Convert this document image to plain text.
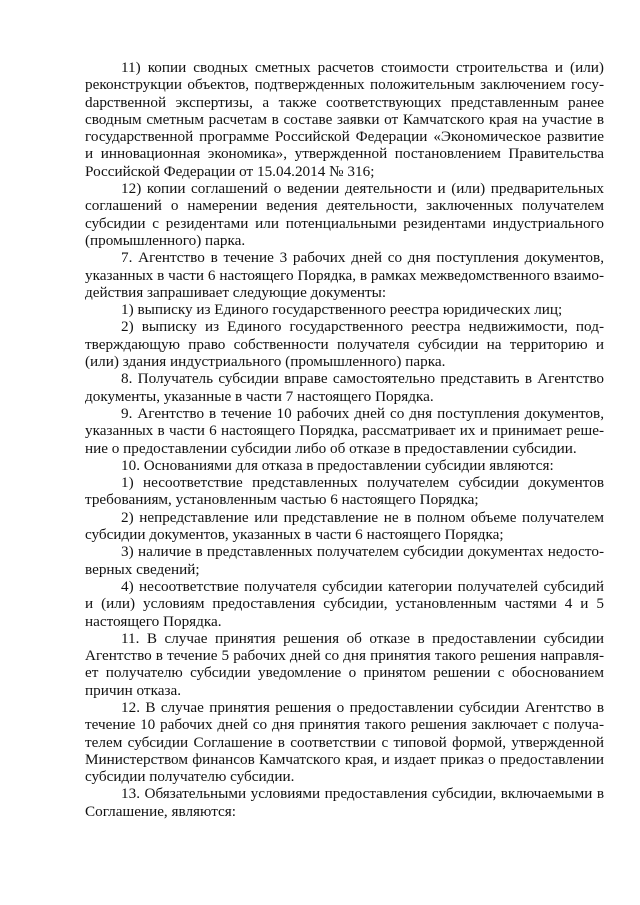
11) копии сводных сметных расчетов стоимости строительства и (или) реконструкции объектов, подтвержденных положительным заключением госуdарственной экспертизы, а также соответствующих представленным ранее сводным сметным расчетам в составе заявки от Камчатского края на участие в государственной программе Российской Федерации «Экономическое развитие и инновационная экономика», утвержденной постановлением Правительства Российской Федерации от 15.04.2014 № 316;

12) копии соглашений о ведении деятельности и (или) предварительных соглашений о намерении ведения деятельности, заключенных получателем субсидии с резидентами или потенциальными резидентами индустриального (промышленного) парка.

7. Агентство в течение 3 рабочих дней со дня поступления документов, указанных в части 6 настоящего Порядка, в рамках межведомственного взаимодействия запрашивает следующие документы:

1) выписку из Единого государственного реестра юридических лиц;

2) выписку из Единого государственного реестра недвижимости, подтверждающую право собственности получателя субсидии на территорию и (или) здания индустриального (промышленного) парка.

8. Получатель субсидии вправе самостоятельно представить в Агентство документы, указанные в части 7 настоящего Порядка.

9. Агентство в течение 10 рабочих дней со дня поступления документов, указанных в части 6 настоящего Порядка, рассматривает их и принимает решение о предоставлении субсидии либо об отказе в предоставлении субсидии.

10. Основаниями для отказа в предоставлении субсидии являются:

1) несоответствие представленных получателем субсидии документов требованиям, установленным частью 6 настоящего Порядка;

2) непредставление или представление не в полном объеме получателем субсидии документов, указанных в части 6 настоящего Порядка;

3) наличие в представленных получателем субсидии документах недостоверных сведений;

4) несоответствие получателя субсидии категории получателей субсидий и (или) условиям предоставления субсидии, установленным частями 4 и 5 настоящего Порядка.

11. В случае принятия решения об отказе в предоставлении субсидии Агентство в течение 5 рабочих дней со дня принятия такого решения направляет получателю субсидии уведомление о принятом решении с обоснованием причин отказа.

12. В случае принятия решения о предоставлении субсидии Агентство в течение 10 рабочих дней со дня принятия такого решения заключает с получателем субсидии Соглашение в соответствии с типовой формой, утвержденной Министерством финансов Камчатского края, и издает приказ о предоставлении субсидии получателю субсидии.

13. Обязательными условиями предоставления субсидии, включаемыми в Соглашение, являются:
